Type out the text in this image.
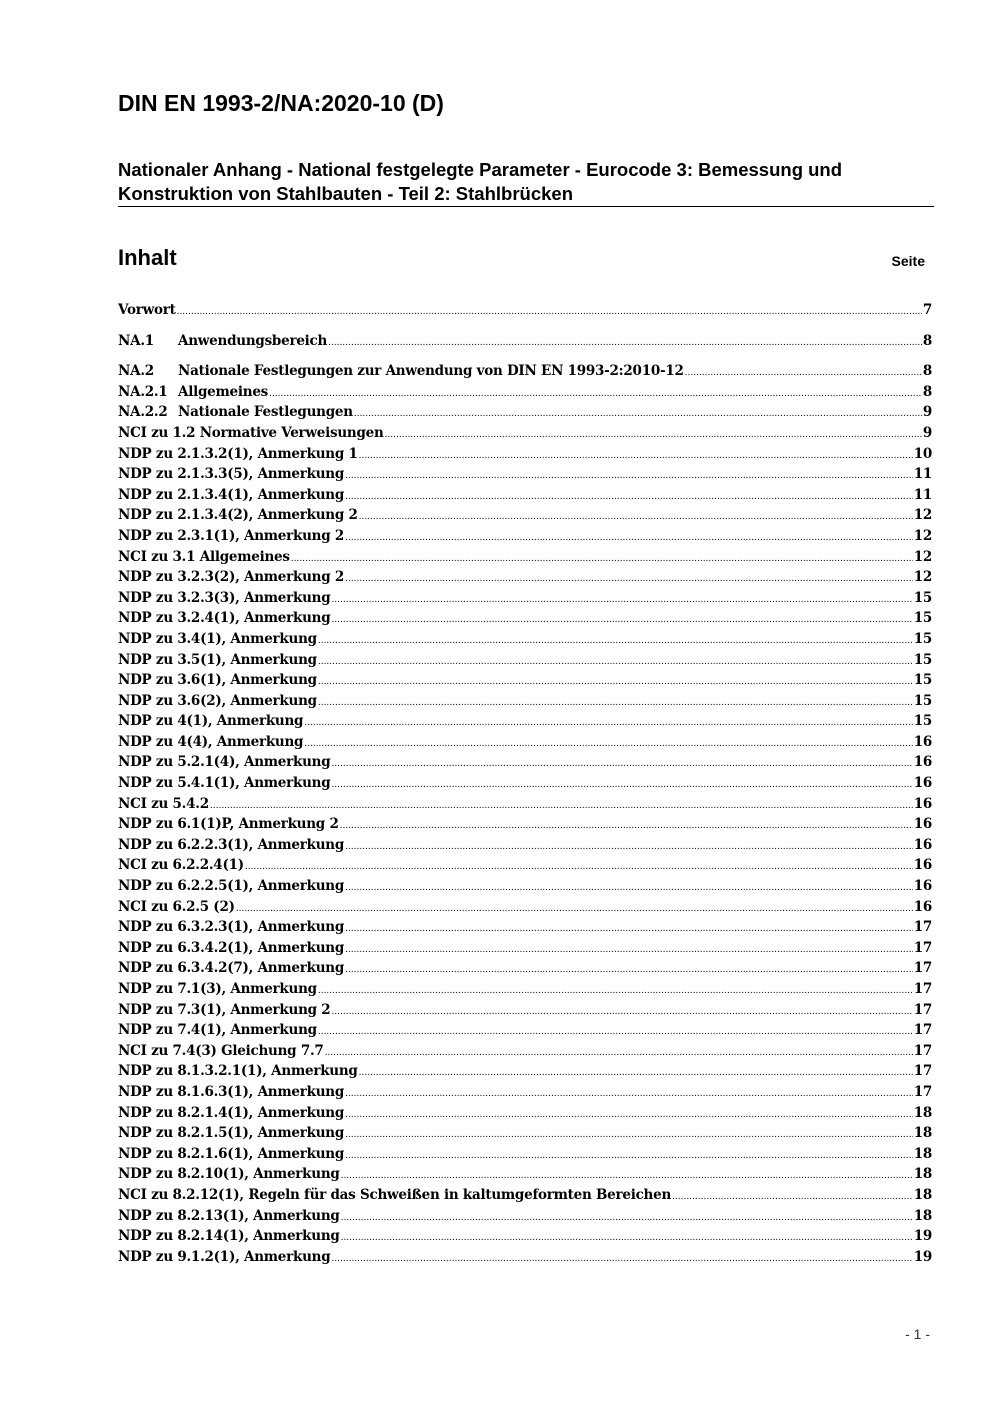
DIN EN 1993-2/NA:2020-10 (D)
Nationaler Anhang - National festgelegte Parameter - Eurocode 3: Bemessung und Konstruktion von Stahlbauten - Teil 2: Stahlbrücken
Inhalt	Seite
Vorwort .....	7
NA.1	Anwendungsbereich .....	8
NA.2	Nationale Festlegungen zur Anwendung von DIN EN 1993-2:2010-12 .....	8
NA.2.1 Allgemeines .....	8
NA.2.2 Nationale Festlegungen .....	9
NCI zu 1.2 Normative Verweisungen .....	9
NDP zu 2.1.3.2(1), Anmerkung 1 .....	10
NDP zu 2.1.3.3(5), Anmerkung .....	11
NDP zu 2.1.3.4(1), Anmerkung .....	11
NDP zu 2.1.3.4(2), Anmerkung 2 .....	12
NDP zu 2.3.1(1), Anmerkung 2 .....	12
NCI zu 3.1 Allgemeines .....	12
NDP zu 3.2.3(2), Anmerkung 2 .....	12
NDP zu 3.2.3(3), Anmerkung .....	15
NDP zu 3.2.4(1), Anmerkung .....	15
NDP zu 3.4(1), Anmerkung .....	15
NDP zu 3.5(1), Anmerkung .....	15
NDP zu 3.6(1), Anmerkung .....	15
NDP zu 3.6(2), Anmerkung .....	15
NDP zu 4(1), Anmerkung .....	15
NDP zu 4(4), Anmerkung .....	16
NDP zu 5.2.1(4), Anmerkung .....	16
NDP zu 5.4.1(1), Anmerkung .....	16
NCI zu 5.4.2 .....	16
NDP zu 6.1(1)P, Anmerkung 2 .....	16
NDP zu 6.2.2.3(1), Anmerkung .....	16
NCI zu 6.2.2.4(1) .....	16
NDP zu 6.2.2.5(1), Anmerkung .....	16
NCI zu 6.2.5 (2) .....	16
NDP zu 6.3.2.3(1), Anmerkung .....	17
NDP zu 6.3.4.2(1), Anmerkung .....	17
NDP zu 6.3.4.2(7), Anmerkung .....	17
NDP zu 7.1(3), Anmerkung .....	17
NDP zu 7.3(1), Anmerkung 2 .....	17
NDP zu 7.4(1), Anmerkung .....	17
NCI zu 7.4(3) Gleichung 7.7 .....	17
NDP zu 8.1.3.2.1(1), Anmerkung .....	17
NDP zu 8.1.6.3(1), Anmerkung .....	17
NDP zu 8.2.1.4(1), Anmerkung .....	18
NDP zu 8.2.1.5(1), Anmerkung .....	18
NDP zu 8.2.1.6(1), Anmerkung .....	18
NDP zu 8.2.10(1), Anmerkung .....	18
NCI zu 8.2.12(1), Regeln für das Schweißen in kaltumgeformten Bereichen .....	18
NDP zu 8.2.13(1), Anmerkung .....	18
NDP zu 8.2.14(1), Anmerkung .....	19
NDP zu 9.1.2(1), Anmerkung .....	19
- 1 -
